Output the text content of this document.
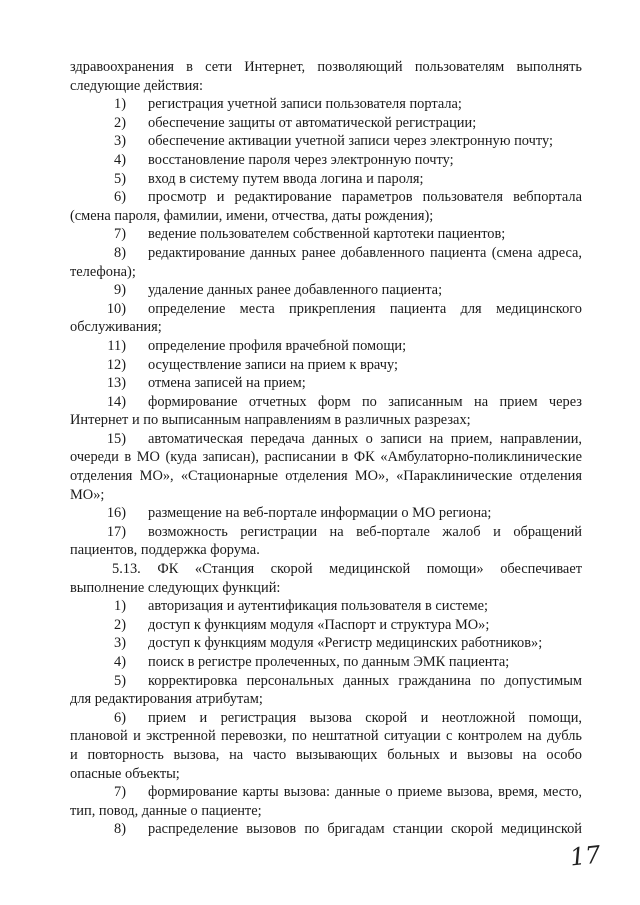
здравоохранения в сети Интернет, позволяющий пользователям выполнять
следующие действия:
1)	регистрация учетной записи пользователя портала;
2)	обеспечение защиты от автоматической регистрации;
3)	обеспечение активации учетной записи через электронную почту;
4)	восстановление пароля через электронную почту;
5)	вход в систему путем ввода логина и пароля;
6)	просмотр и редактирование параметров пользователя вебпортала
(смена пароля, фамилии, имени, отчества, даты рождения);
7)	ведение пользователем собственной картотеки пациентов;
8)	редактирование данных ранее добавленного пациента (смена адреса,
телефона);
9)	удаление данных ранее добавленного пациента;
10)	определение места прикрепления пациента для медицинского
обслуживания;
11)	определение профиля врачебной помощи;
12)	осуществление записи на прием к врачу;
13)	отмена записей на прием;
14)	формирование отчетных форм по записанным на прием через
Интернет и по выписанным направлениям в различных разрезах;
15)	автоматическая передача данных о записи на прием, направлении,
очереди в МО (куда записан), расписании в ФК «Амбулаторно-поликлинические
отделения МО», «Стационарные отделения МО», «Параклинические отделения
МО»;
16)	размещение на веб-портале информации о МО региона;
17)	возможность регистрации на веб-портале жалоб и обращений
пациентов, поддержка форума.
5.13. ФК «Станция скорой медицинской помощи» обеспечивает
выполнение следующих функций:
1)	авторизация и аутентификация пользователя в системе;
2)	доступ к функциям модуля «Паспорт и структура МО»;
3)	доступ к функциям модуля «Регистр медицинских работников»;
4)	поиск в регистре пролеченных, по данным ЭМК пациента;
5)	корректировка персональных данных гражданина по допустимым
для редактирования атрибутам;
6)	прием и регистрация вызова скорой и неотложной помощи,
плановой и экстренной перевозки, по нештатной ситуации с контролем на дубль
и повторность вызова, на часто вызывающих больных и вызовы на особо
опасные объекты;
7)	формирование карты вызова: данные о приеме вызова, время, место,
тип, повод, данные о пациенте;
8)	распределение вызовов по бригадам станции скорой медицинской
17
